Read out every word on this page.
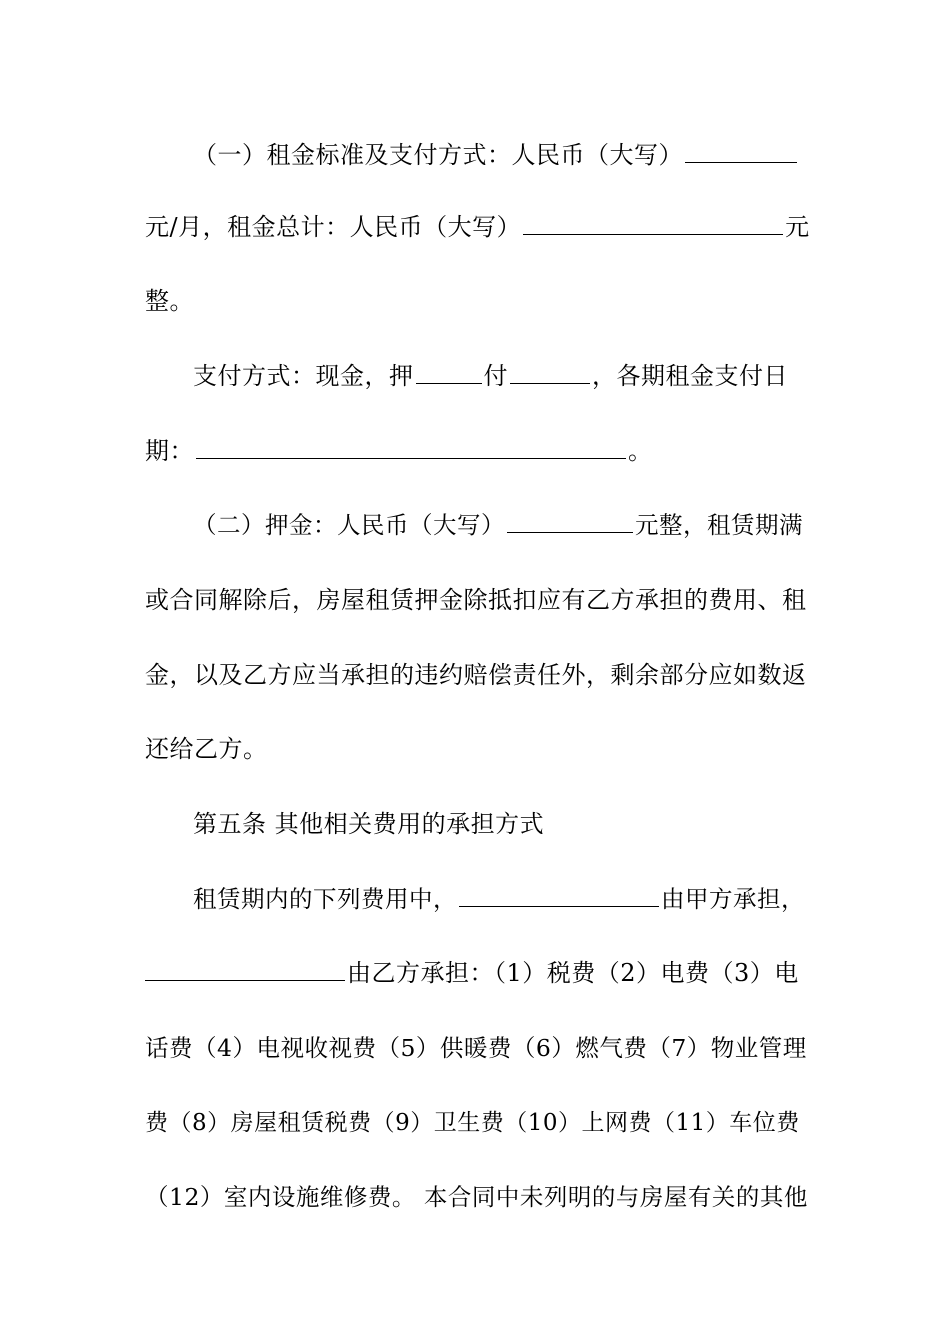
（一）租金标准及支付方式：人民币（大写）
元/月，租金总计：人民币（大写）	元
整。
支付方式：现金，押	付	，各期租金支付日
期：	。
（二）押金：人民币（大写）	元整，租赁期满
或合同解除后，房屋租赁押金除抵扣应有乙方承担的费用、租
金，以及乙方应当承担的违约赔偿责任外，剩余部分应如数返
还给乙方。
第五条 其他相关费用的承担方式
租赁期内的下列费用中，	由甲方承担，
由乙方承担：（1）税费（2）电费（3）电
话费（4）电视收视费（5）供暖费（6）燃气费（7）物业管理
费（8）房屋租赁税费（9）卫生费（10）上网费（11）车位费
（12）室内设施维修费。 本合同中未列明的与房屋有关的其他
